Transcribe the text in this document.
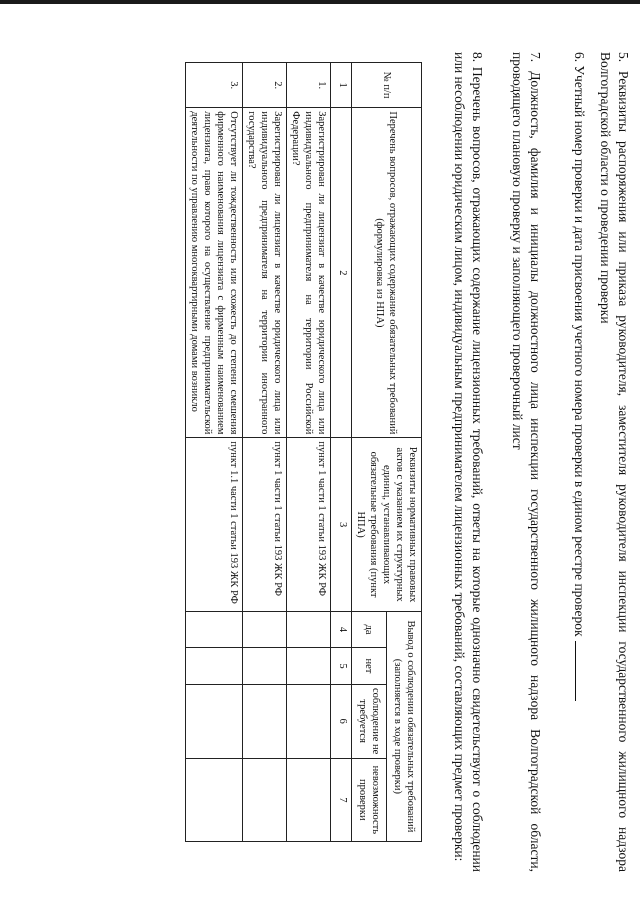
5. Реквизиты распоряжения или приказа руководителя, заместителя руководителя инспекции государственного жилищного надзора Волгоградской области о проведении проверки
6. Учетный номер проверки и дата присвоения учетного номера проверки в едином реестре проверок
7. Должность, фамилия и инициалы должностного лица инспекции государственного жилищного надзора Волгоградской области, проводящего плановую проверку и заполняющего проверочный лист
8. Перечень вопросов, отражающих содержание лицензионных требований, ответы на которые однозначно свидетельствуют о соблюдении или несоблюдении юридическим лицом, индивидуальным предпринимателем лицензионных требований, составляющих предмет проверки:
№ п/п	Перечень вопросов, отражающих содержание обязательных требований (формулировка из НПА)	Реквизиты нормативных правовых актов с указанием их структурных единиц, устанавливающих обязательные требования (пункт НПА)	Вывод о соблюдении обязательных требований (заполняется в ходе проверки)			
			да	нет	соблюдение не требуется	невозможность проверки
1	2	3	4	5	6	7
1.	Зарегистрирован ли лицензиат в качестве юридического лица или индивидуального предпринимателя на территории Российской Федерации?	пункт 1 части 1 статьи 193 ЖК РФ				
2.	Зарегистрирован ли лицензиат в качестве юридического лица или индивидуального предпринимателя на территории иностранного государства?	пункт 1 части 1 статьи 193 ЖК РФ				
3.	Отсутствует ли тождественность или схожесть до степени смешения фирменного наименования лицензиата с фирменным наименованием лицензиата, право которого на осуществление предпринимательской деятельности по управлению многоквартирными домами возникло	пункт 1.1 части 1 статьи 193 ЖК РФ				
